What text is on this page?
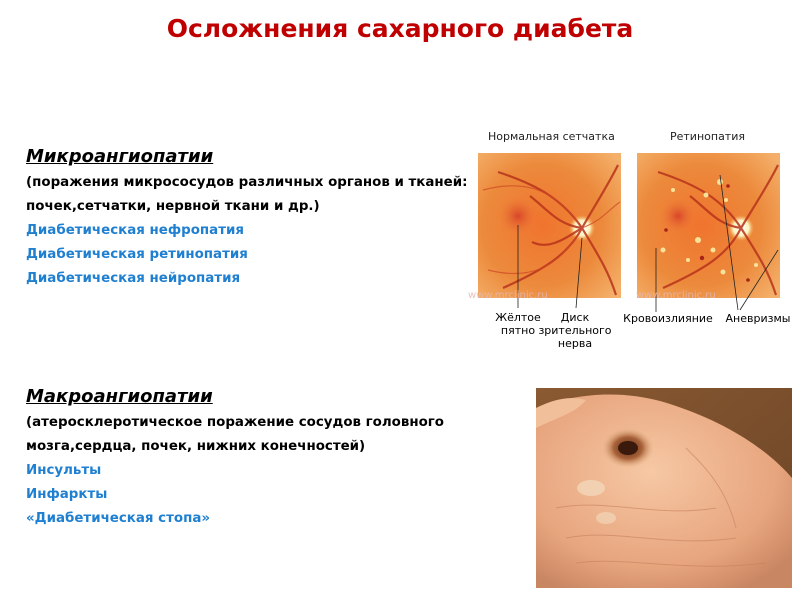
Осложнения сахарного диабета
Микроангиопатии
(поражения микрососудов различных органов и тканей:
почек,сетчатки, нервной ткани и др.)
Диабетическая нефропатия
Диабетическая ретинопатия
Диабетическая нейропатия
Макроангиопатии
(атеросклеротическое поражение сосудов головного
мозга,сердца, почек, нижних конечностей)
Инсульты
Инфаркты
«Диабетическая стопа»
Нормальная сетчатка	Ретинопатия
www.mrclinic.ru	www.mrclinic.ru
Жёлтое
пятно
Диск
зрительного
нерва
Кровоизлияние	Аневризмы
